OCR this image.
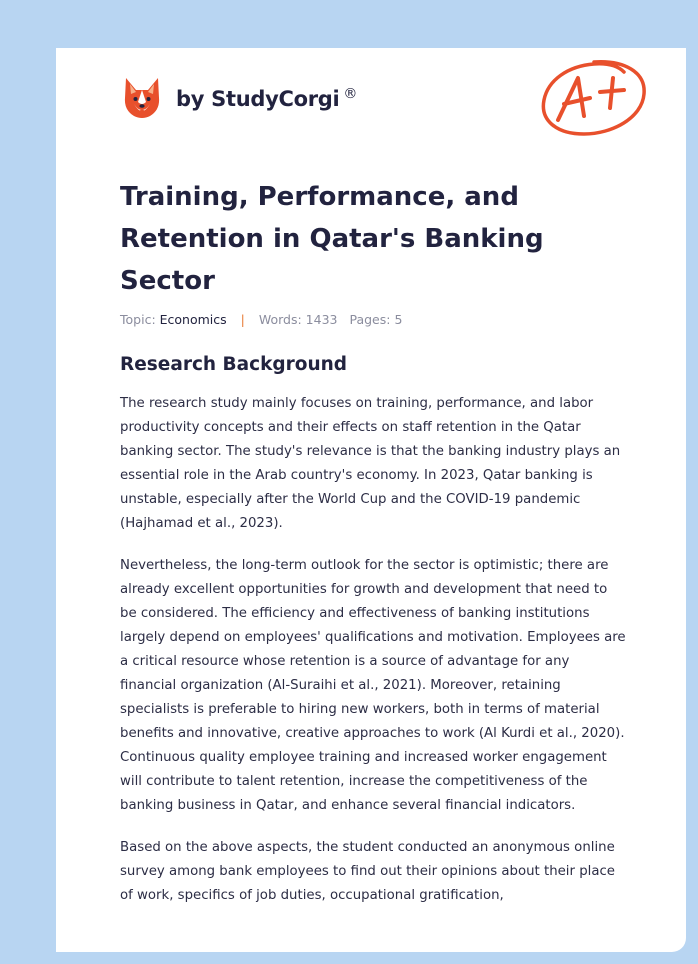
by StudyCorgi ®
Training, Performance, and Retention in Qatar's Banking Sector
Topic: Economics | Words: 1433 Pages: 5
Research Background

The research study mainly focuses on training, performance, and labor productivity concepts and their effects on staff retention in the Qatar banking sector. The study's relevance is that the banking industry plays an essential role in the Arab country's economy. In 2023, Qatar banking is unstable, especially after the World Cup and the COVID-19 pandemic (Hajhamad et al., 2023).

Nevertheless, the long-term outlook for the sector is optimistic; there are already excellent opportunities for growth and development that need to be considered. The efficiency and effectiveness of banking institutions largely depend on employees' qualifications and motivation. Employees are a critical resource whose retention is a source of advantage for any financial organization (Al-Suraihi et al., 2021). Moreover, retaining specialists is preferable to hiring new workers, both in terms of material benefits and innovative, creative approaches to work (Al Kurdi et al., 2020). Continuous quality employee training and increased worker engagement will contribute to talent retention, increase the competitiveness of the banking business in Qatar, and enhance several financial indicators.

Based on the above aspects, the student conducted an anonymous online survey among bank employees to find out their opinions about their place of work, specifics of job duties, occupational gratification,
